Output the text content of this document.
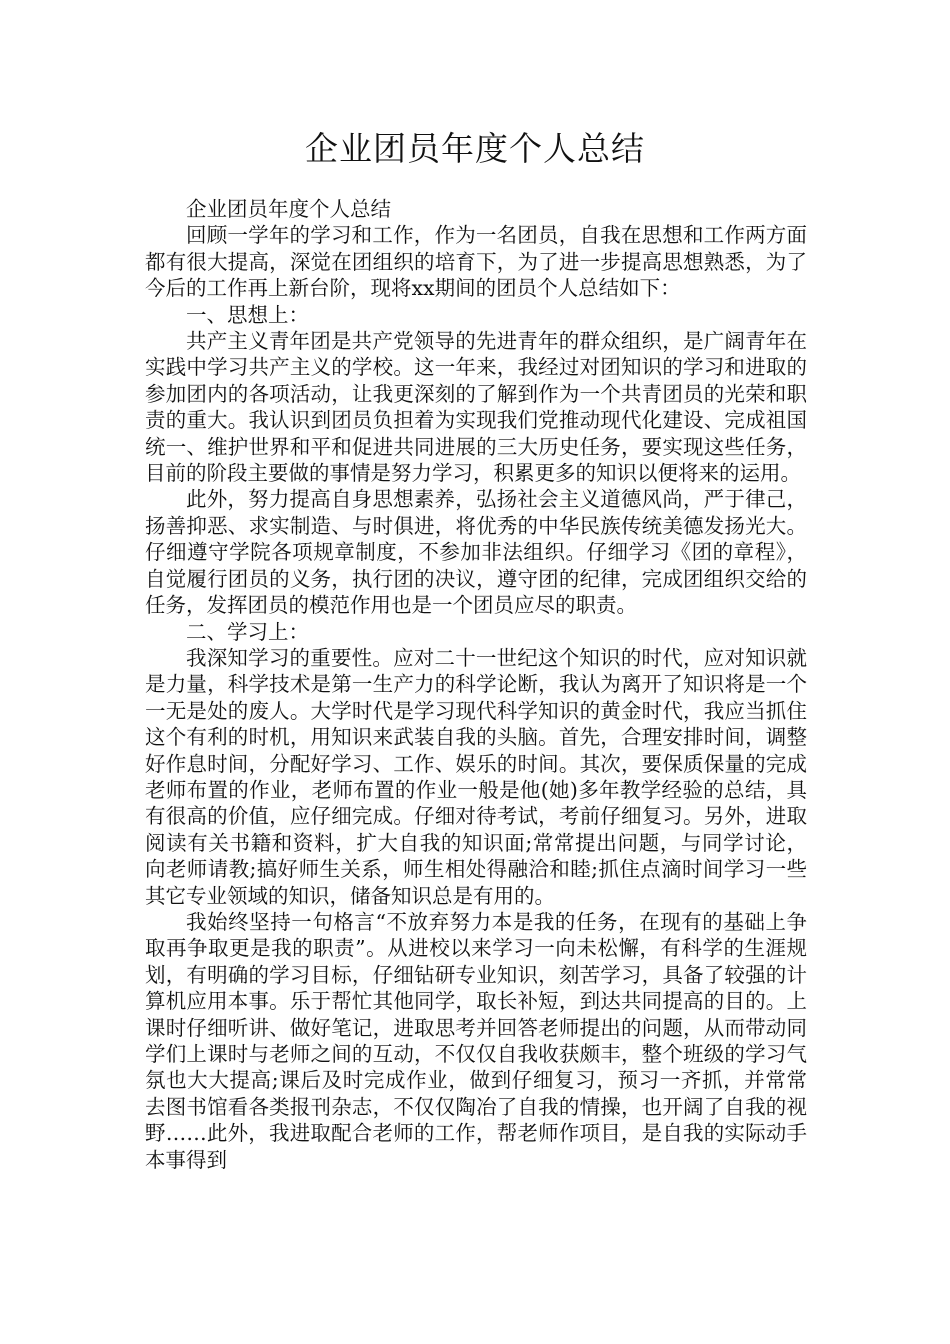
企业团员年度个人总结

企业团员年度个人总结

回顾一学年的学习和工作，作为一名团员，自我在思想和工作两方面都有很大提高，深觉在团组织的培育下，为了进一步提高思想熟悉，为了今后的工作再上新台阶，现将xx期间的团员个人总结如下：

一、思想上：

共产主义青年团是共产党领导的先进青年的群众组织，是广阔青年在实践中学习共产主义的学校。这一年来，我经过对团知识的学习和进取的参加团内的各项活动，让我更深刻的了解到作为一个共青团员的光荣和职责的重大。我认识到团员负担着为实现我们党推动现代化建设、完成祖国统一、维护世界和平和促进共同进展的三大历史任务，要实现这些任务，目前的阶段主要做的事情是努力学习，积累更多的知识以便将来的运用。

此外，努力提高自身思想素养，弘扬社会主义道德风尚，严于律己，扬善抑恶、求实制造、与时俱进，将优秀的中华民族传统美德发扬光大。仔细遵守学院各项规章制度，不参加非法组织。仔细学习《团的章程》，自觉履行团员的义务，执行团的决议，遵守团的纪律，完成团组织交给的任务，发挥团员的模范作用也是一个团员应尽的职责。

二、学习上：

我深知学习的重要性。应对二十一世纪这个知识的时代，应对知识就是力量，科学技术是第一生产力的科学论断，我认为离开了知识将是一个一无是处的废人。大学时代是学习现代科学知识的黄金时代，我应当抓住这个有利的时机，用知识来武装自我的头脑。首先，合理安排时间，调整好作息时间，分配好学习、工作、娱乐的时间。其次，要保质保量的完成老师布置的作业，老师布置的作业一般是他(她)多年教学经验的总结，具有很高的价值，应仔细完成。仔细对待考试，考前仔细复习。另外，进取阅读有关书籍和资料，扩大自我的知识面;常常提出问题，与同学讨论，向老师请教;搞好师生关系，师生相处得融洽和睦;抓住点滴时间学习一些其它专业领域的知识，储备知识总是有用的。

我始终坚持一句格言“不放弃努力本是我的任务，在现有的基础上争取再争取更是我的职责”。从进校以来学习一向未松懈，有科学的生涯规划，有明确的学习目标，仔细钻研专业知识，刻苦学习，具备了较强的计算机应用本事。乐于帮忙其他同学，取长补短，到达共同提高的目的。上课时仔细听讲、做好笔记，进取思考并回答老师提出的问题，从而带动同学们上课时与老师之间的互动，不仅仅自我收获颇丰，整个班级的学习气氛也大大提高;课后及时完成作业，做到仔细复习，预习一齐抓，并常常去图书馆看各类报刊杂志，不仅仅陶冶了自我的情操，也开阔了自我的视野……此外，我进取配合老师的工作，帮老师作项目，是自我的实际动手本事得到
